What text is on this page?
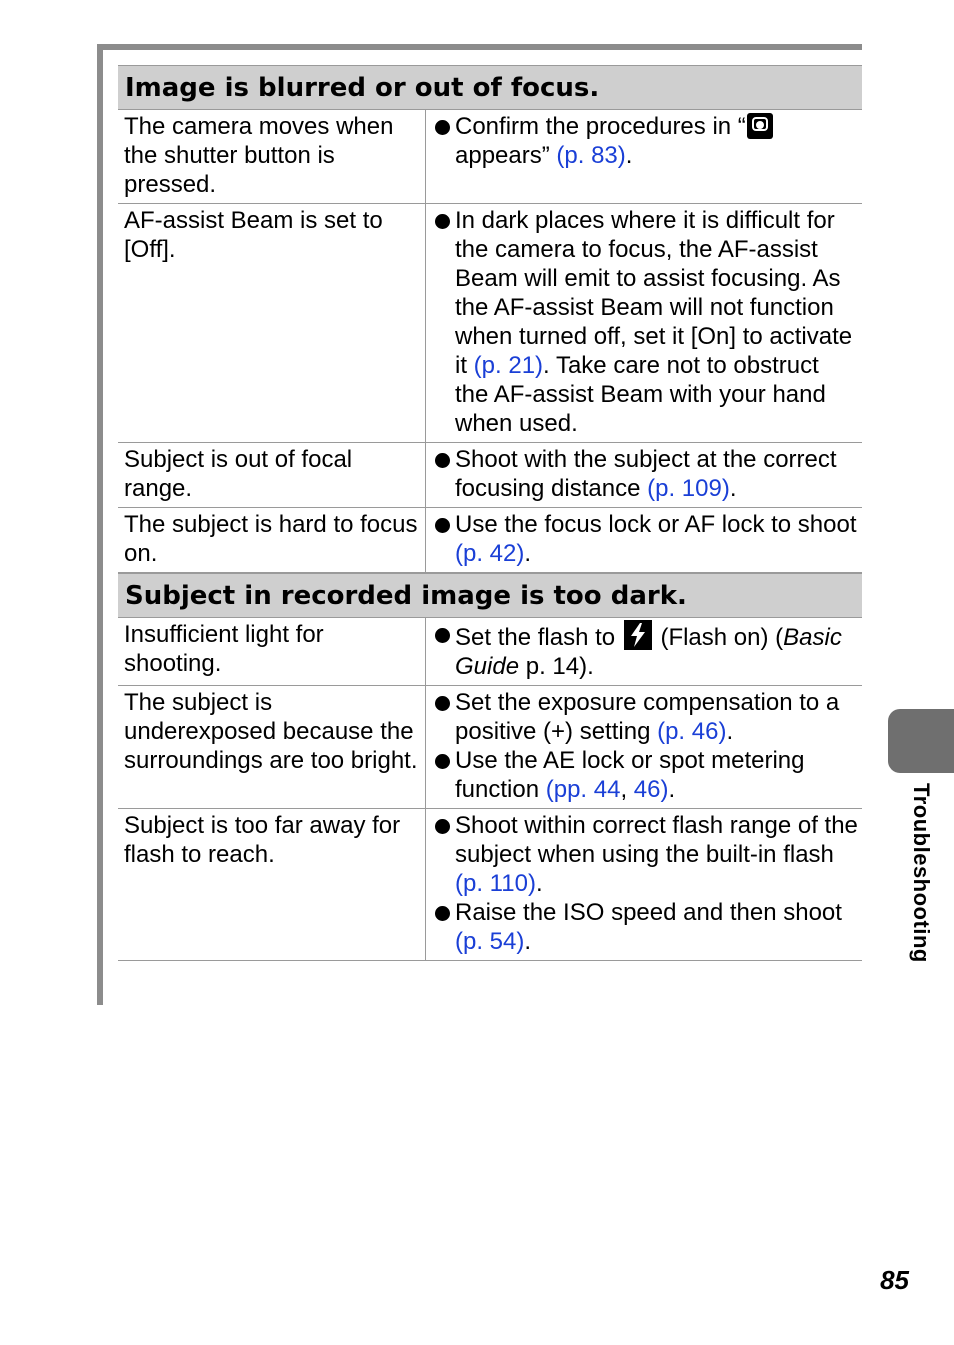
Image is blurred or out of focus.
The camera moves when the shutter button is pressed.
Confirm the procedures in “ appears” (p. 83).
AF-assist Beam is set to [Off].
In dark places where it is difficult for the camera to focus, the AF-assist Beam will emit to assist focusing. As the AF-assist Beam will not function when turned off, set it [On] to activate it (p. 21). Take care not to obstruct the AF-assist Beam with your hand when used.
Subject is out of focal range.
Shoot with the subject at the correct focusing distance (p. 109).
The subject is hard to focus on.
Use the focus lock or AF lock to shoot (p. 42).
Subject in recorded image is too dark.
Insufficient light for shooting.
Set the flash to
(Flash on) (Basic Guide p. 14).
The subject is underexposed because the surroundings are too bright.
Set the exposure compensation to a positive (+) setting (p. 46).
Use the AE lock or spot metering function (pp. 44, 46).
Subject is too far away for flash to reach.
Shoot within correct flash range of the subject when using the built-in flash (p. 110).
Raise the ISO speed and then shoot (p. 54).	Troubleshooting
85
